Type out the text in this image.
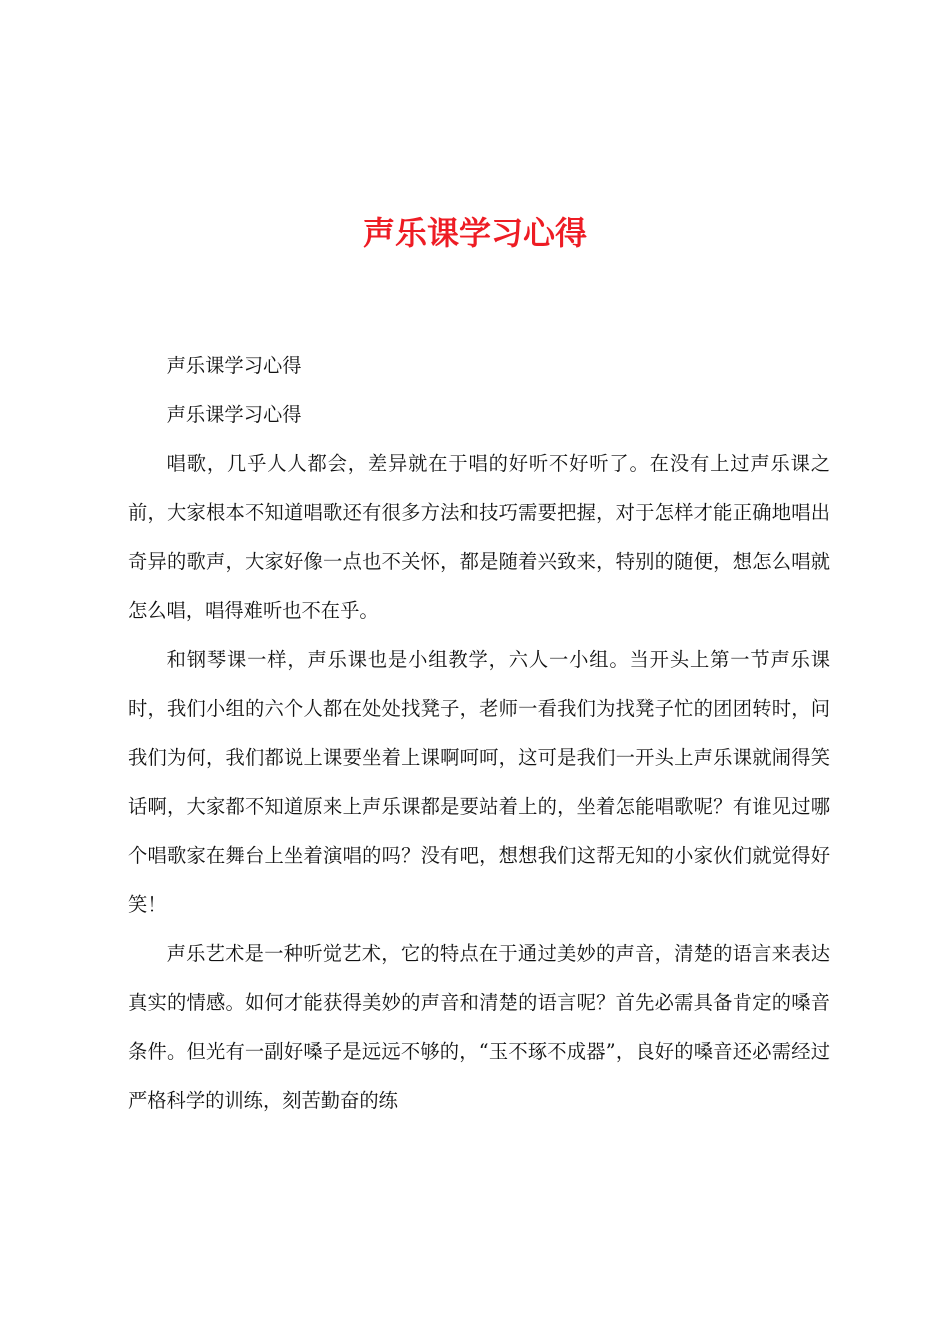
声乐课学习心得

声乐课学习心得

声乐课学习心得

唱歌，几乎人人都会，差异就在于唱的好听不好听了。在没有上过声乐课之前，大家根本不知道唱歌还有很多方法和技巧需要把握，对于怎样才能正确地唱出奇异的歌声，大家好像一点也不关怀，都是随着兴致来，特别的随便，想怎么唱就怎么唱，唱得难听也不在乎。

和钢琴课一样，声乐课也是小组教学，六人一小组。当开头上第一节声乐课时，我们小组的六个人都在处处找凳子，老师一看我们为找凳子忙的团团转时，问我们为何，我们都说上课要坐着上课啊呵呵，这可是我们一开头上声乐课就闹得笑话啊，大家都不知道原来上声乐课都是要站着上的，坐着怎能唱歌呢？有谁见过哪个唱歌家在舞台上坐着演唱的吗？没有吧，想想我们这帮无知的小家伙们就觉得好笑！

声乐艺术是一种听觉艺术，它的特点在于通过美妙的声音，清楚的语言来表达真实的情感。如何才能获得美妙的声音和清楚的语言呢？首先必需具备肯定的嗓音条件。但光有一副好嗓子是远远不够的，“玉不琢不成器”，良好的嗓音还必需经过严格科学的训练，刻苦勤奋的练
